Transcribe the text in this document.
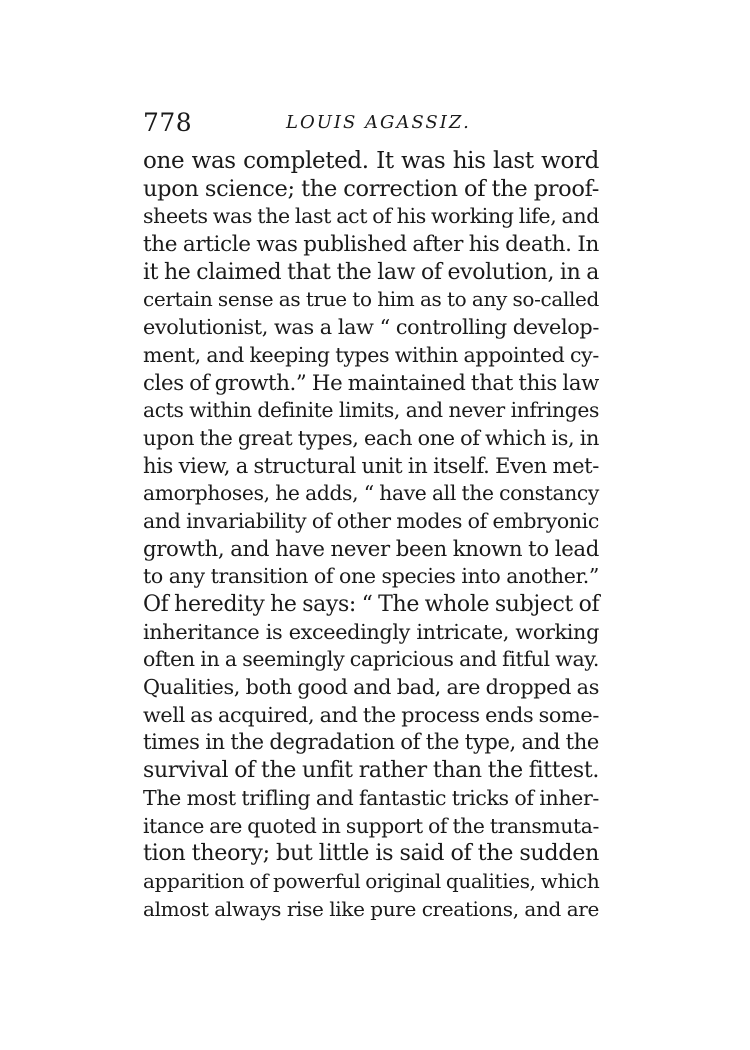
778	LOUIS AGASSIZ.
one was completed. It was his last word
upon science; the correction of the proof-
sheets was the last act of his working life, and
the article was published after his death. In
it he claimed that the law of evolution, in a
certain sense as true to him as to any so-called
evolutionist, was a law “ controlling develop-
ment, and keeping types within appointed cy-
cles of growth.” He maintained that this law
acts within definite limits, and never infringes
upon the great types, each one of which is, in
his view, a structural unit in itself. Even met-
amorphoses, he adds, “ have all the constancy
and invariability of other modes of embryonic
growth, and have never been known to lead
to any transition of one species into another.”
Of heredity he says: “ The whole subject of
inheritance is exceedingly intricate, working
often in a seemingly capricious and fitful way.
Qualities, both good and bad, are dropped as
well as acquired, and the process ends some-
times in the degradation of the type, and the
survival of the unfit rather than the fittest.
The most trifling and fantastic tricks of inher-
itance are quoted in support of the transmuta-
tion theory; but little is said of the sudden
apparition of powerful original qualities, which
almost always rise like pure creations, and are
